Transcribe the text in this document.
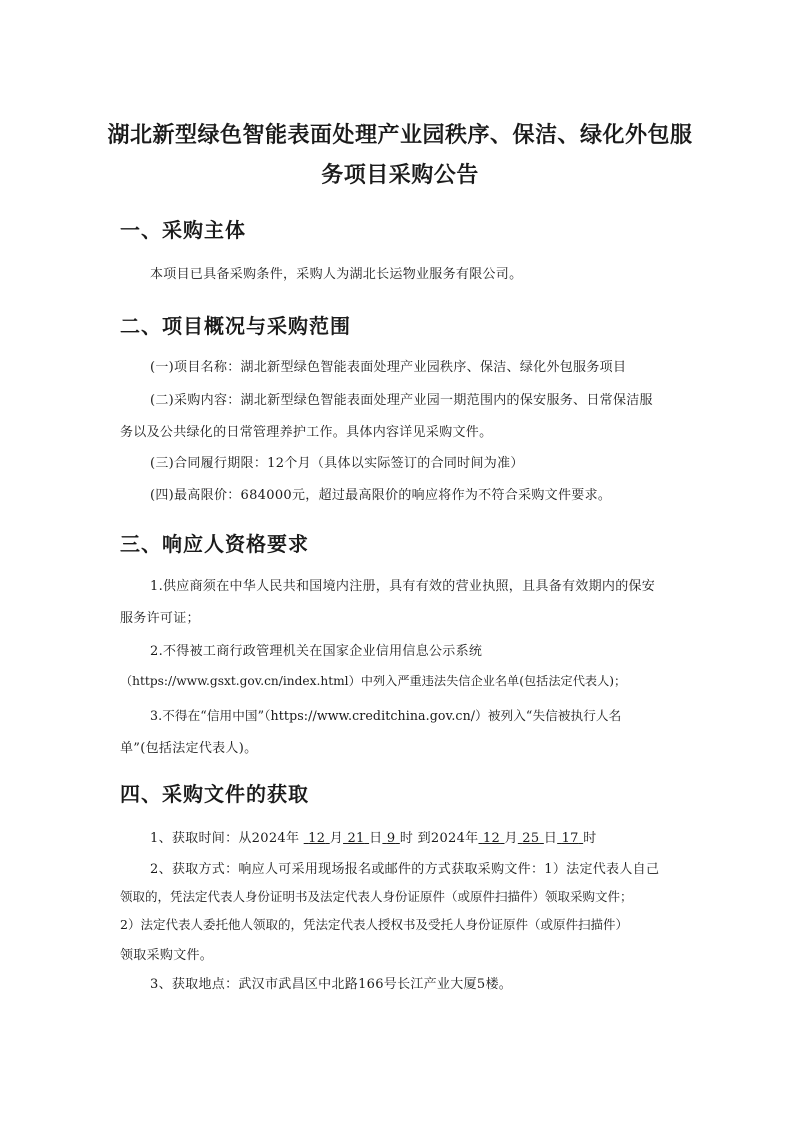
湖北新型绿色智能表面处理产业园秩序、保洁、绿化外包服
务项目采购公告
一、采购主体
本项目已具备采购条件，采购人为湖北长运物业服务有限公司。
二、项目概况与采购范围
(一)项目名称：湖北新型绿色智能表面处理产业园秩序、保洁、绿化外包服务项目
(二)采购内容：湖北新型绿色智能表面处理产业园一期范围内的保安服务、日常保洁服
务以及公共绿化的日常管理养护工作。具体内容详见采购文件。
(三)合同履行期限：12个月（具体以实际签订的合同时间为准）
(四)最高限价：684000元，超过最高限价的响应将作为不符合采购文件要求。
三、响应人资格要求
1.供应商须在中华人民共和国境内注册，具有有效的营业执照，且具备有效期内的保安
服务许可证；
2.不得被工商行政管理机关在国家企业信用信息公示系统
（https://www.gsxt.gov.cn/index.html）中列入严重违法失信企业名单(包括法定代表人)；
3.不得在“信用中国”（https://www.creditchina.gov.cn/）被列入“失信被执行人名
单”(包括法定代表人)。
四、采购文件的获取
1、获取时间：从2024年 12 月 21 日 9 时 到2024年 12 月 25 日 17 时
2、获取方式：响应人可采用现场报名或邮件的方式获取采购文件：1）法定代表人自己
领取的，凭法定代表人身份证明书及法定代表人身份证原件（或原件扫描件）领取采购文件；
2）法定代表人委托他人领取的，凭法定代表人授权书及受托人身份证原件（或原件扫描件）
领取采购文件。
3、获取地点：武汉市武昌区中北路166号长江产业大厦5楼。
